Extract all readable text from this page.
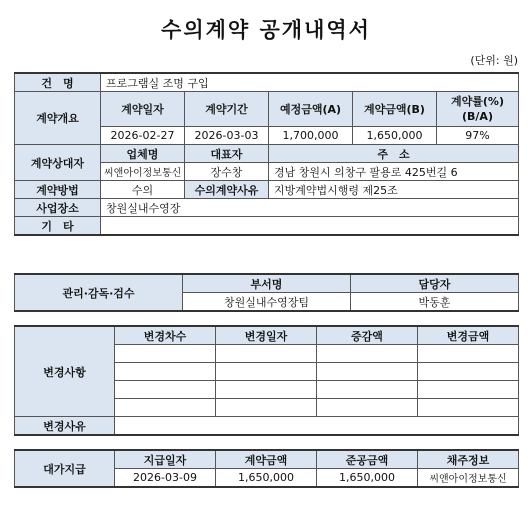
수의계약 공개내역서
(단위: 원)
건　명	프로그램실 조명 구입				
계약개요	계약일자	계약기간	예정금액(A)	계약금액(B)	계약률(%)
(B/A)
	2026-02-27	2026-03-03	1,700,000	1,650,000	97%
계약상대자	업체명	대표자	주　소		
	씨앤아이정보통신	장수창	경남 창원시 의창구 팔용로 425번길 6		
계약방법	수의	수의계약사유	지방계약법시행령 제25조		
사업장소	창원실내수영장				
기　타					
관리·감독·검수	부서명	담당자
	창원실내수영장팀	박동훈
변경사항	변경차수	변경일자	증감액	변경금액

변경사유				
대가지급	지급일자	계약금액	준공금액	채주정보
	2026-03-09	1,650,000	1,650,000	씨앤아이정보통신
